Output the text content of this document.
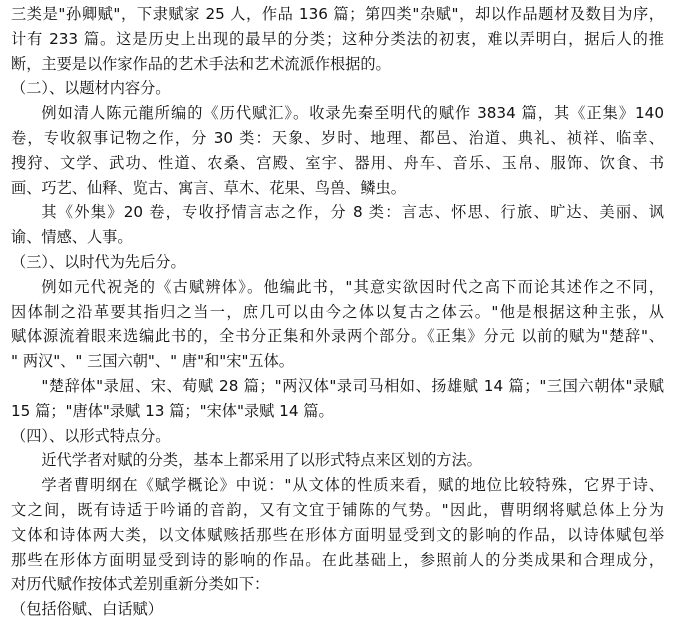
三类是"孙卿赋"，下隶赋家 25 人，作品 136 篇；第四类"杂赋"，却以作品题材及数目为序，
计有 233 篇。这是历史上出现的最早的分类；这种分类法的初衷，难以弄明白，据后人的推
断，主要是以作家作品的艺术手法和艺术流派作根据的。
（二）、以题材内容分。
例如清人陈元龍所编的《历代赋汇》。收录先秦至明代的赋作 3834 篇，其《正集》140
卷，专收叙事记物之作，分 30 类：天象、岁时、地理、都邑、治道、典礼、祯祥、临幸、
搜狩、文学、武功、性道、农桑、宫殿、室宇、器用、舟车、音乐、玉帛、服饰、饮食、书
画、巧艺、仙释、览古、寓言、草木、花果、鸟兽、鳞虫。
其《外集》20 卷，专收抒情言志之作，分 8 类：言志、怀思、行旅、旷达、美丽、讽
谕、情感、人事。
（三）、以时代为先后分。
例如元代祝尧的《古赋辨体》。他编此书，"其意实欲因时代之高下而论其述作之不同，
因体制之沿革要其指归之当一，庶几可以由今之体以复古之体云。"他是根据这种主张，从
赋体源流着眼来选编此书的，全书分正集和外录两个部分。《正集》分元 以前的赋为"楚辞"、
" 两汉"、" 三国六朝"、" 唐"和"宋"五体。
"楚辞体"录屈、宋、荀赋 28 篇；"两汉体"录司马相如、扬雄赋 14 篇；"三国六朝体"录赋
15 篇；"唐体"录赋 13 篇；"宋体"录赋 14 篇。
（四）、以形式特点分。
近代学者对赋的分类，基本上都采用了以形式特点来区划的方法。
学者曹明纲在《赋学概论》中说："从文体的性质来看，赋的地位比较特殊，它界于诗、
文之间，既有诗适于吟诵的音韵，又有文宜于铺陈的气势。"因此，曹明纲将赋总体上分为
文体和诗体两大类，以文体赋赅括那些在形体方面明显受到文的影响的作品，以诗体赋包举
那些在形体方面明显受到诗的影响的作品。在此基础上，参照前人的分类成果和合理成分，
对历代赋作按体式差别重新分类如下：
（包括俗赋、白话赋）
